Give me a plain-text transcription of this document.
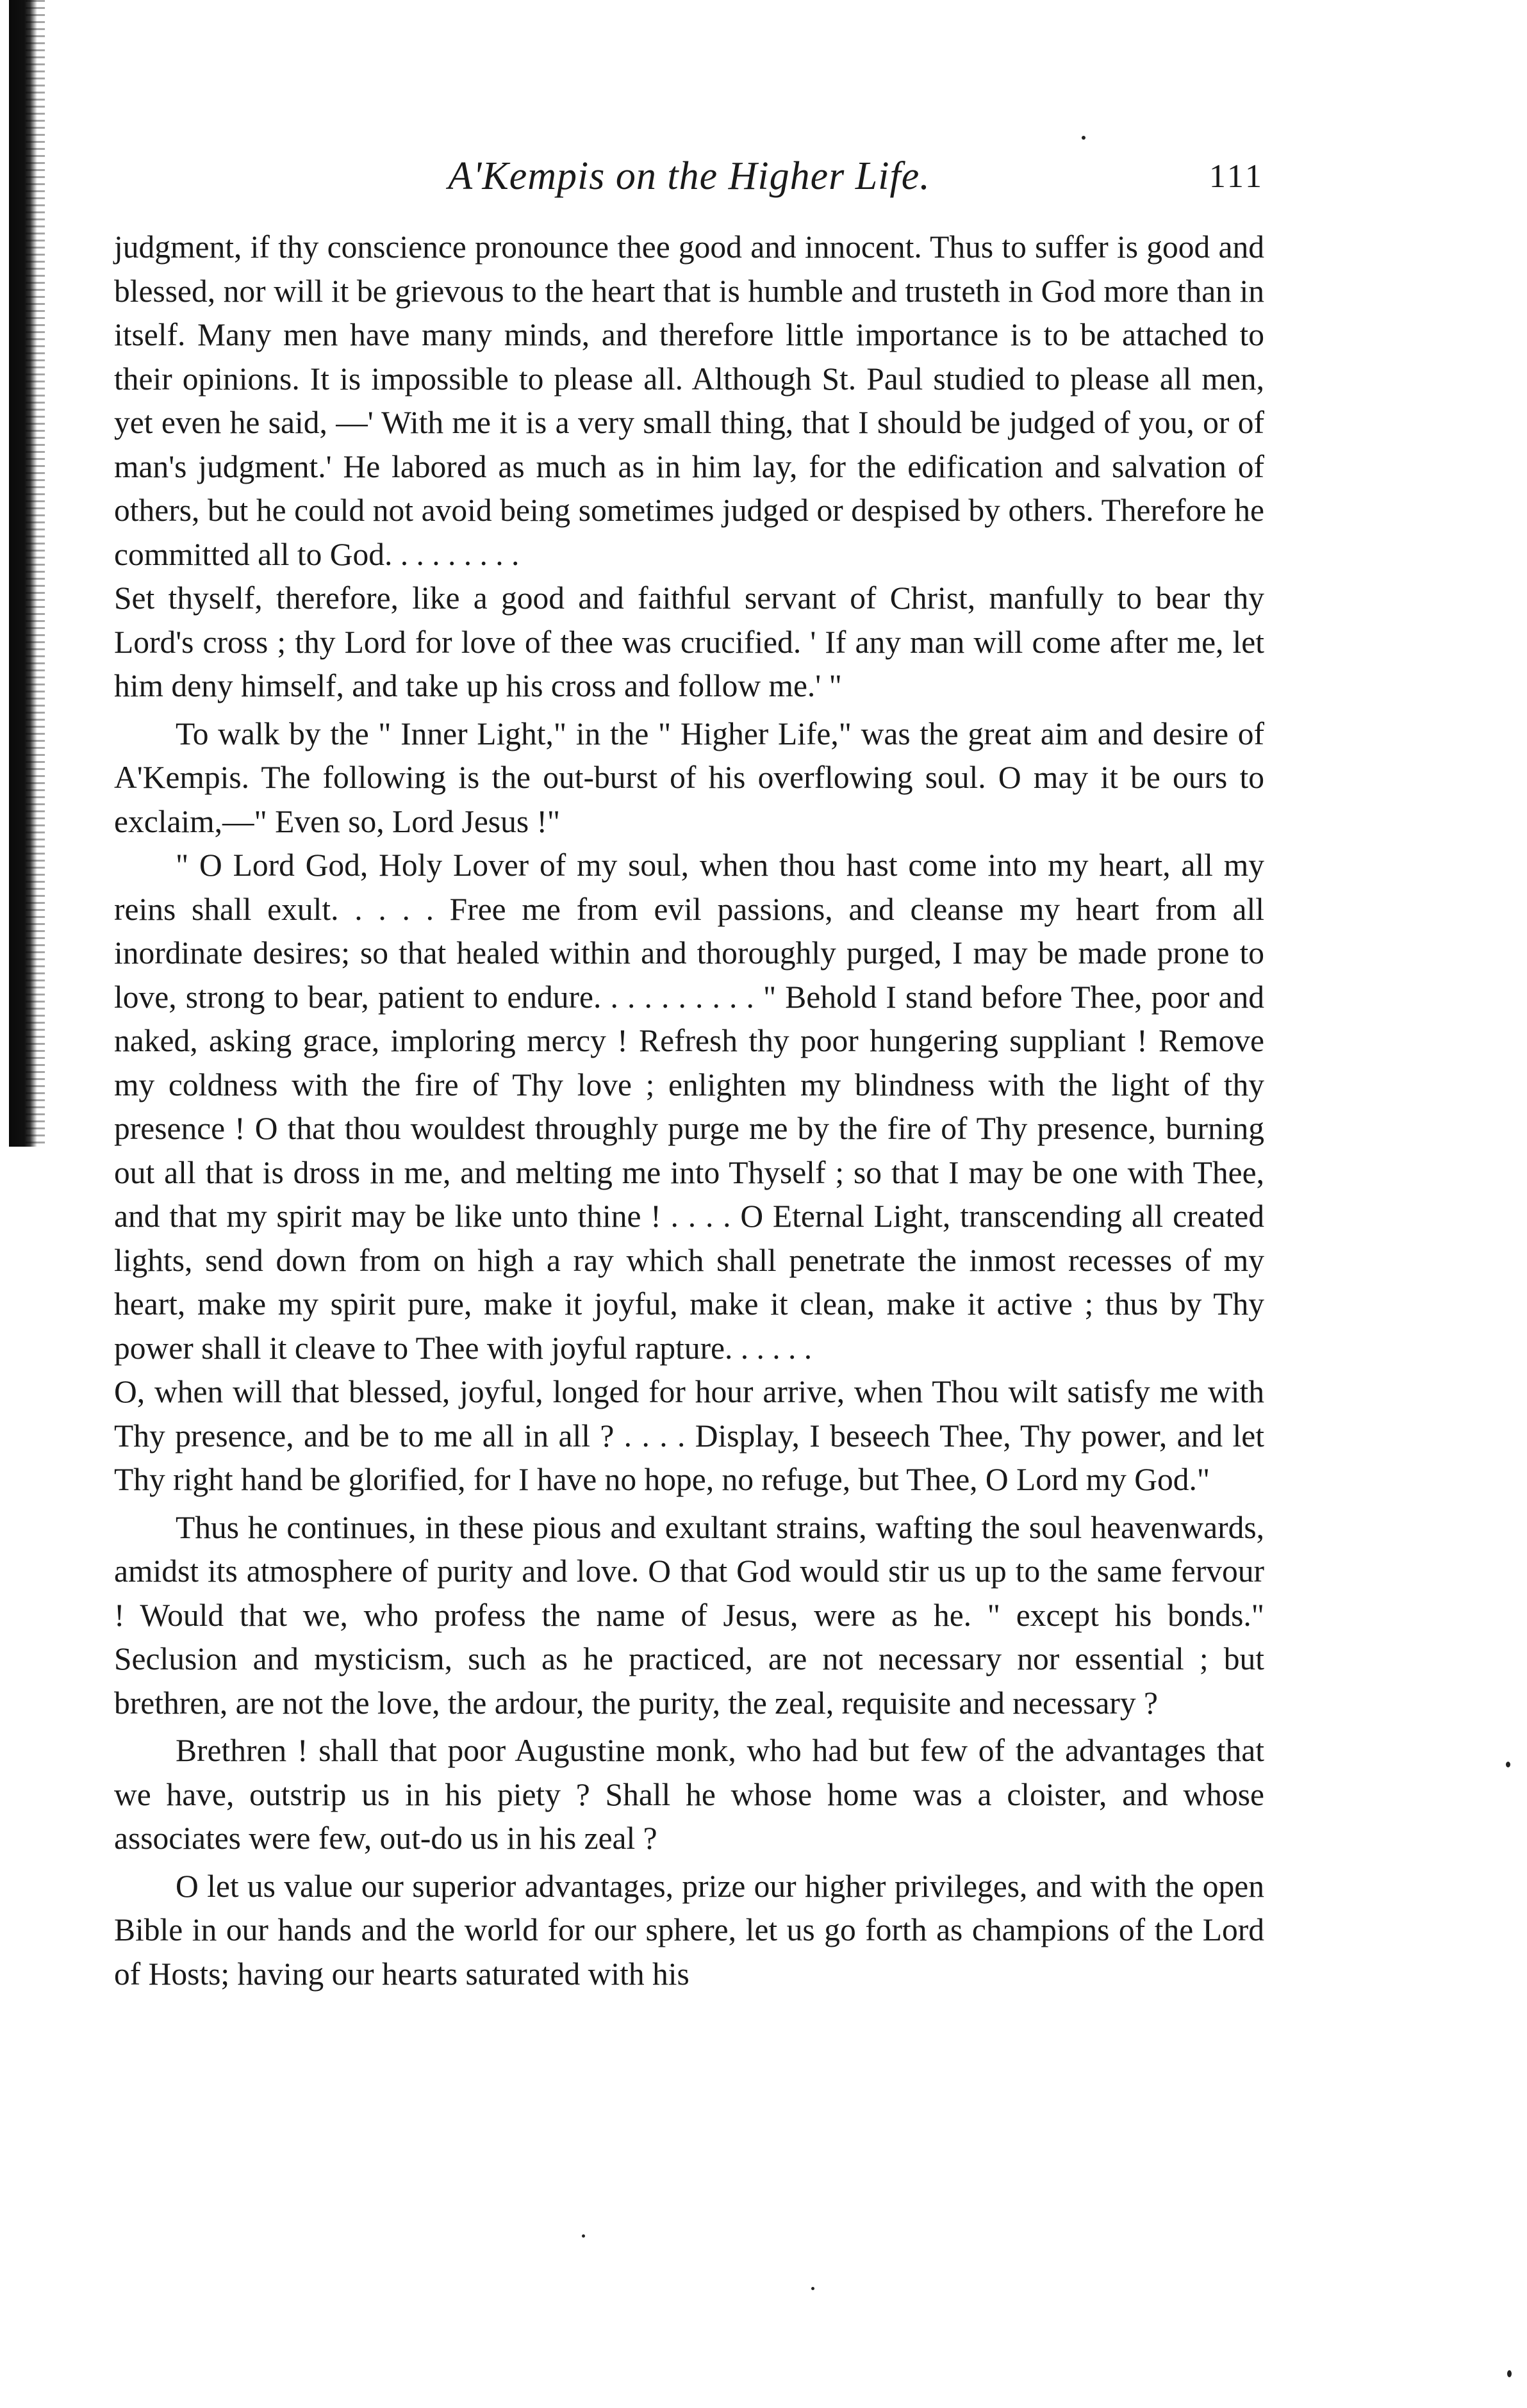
A'Kempis on the Higher Life.	111

judgment, if thy conscience pronounce thee good and innocent. Thus to suffer is good and blessed, nor will it be grievous to the heart that is humble and trusteth in God more than in itself. Many men have many minds, and therefore little importance is to be attached to their opinions. It is impossible to please all. Although St. Paul studied to please all men, yet even he said, —' With me it is a very small thing, that I should be judged of you, or of man's judgment.' He labored as much as in him lay, for the edification and salvation of others, but he could not avoid being sometimes judged or despised by others. Therefore he committed all to God. . . . . . . . .

Set thyself, therefore, like a good and faithful servant of Christ, manfully to bear thy Lord's cross ; thy Lord for love of thee was crucified. ' If any man will come after me, let him deny himself, and take up his cross and follow me.' "

To walk by the " Inner Light," in the " Higher Life," was the great aim and desire of A'Kempis. The following is the out-burst of his overflowing soul. O may it be ours to exclaim,—" Even so, Lord Jesus !"

" O Lord God, Holy Lover of my soul, when thou hast come into my heart, all my reins shall exult. . . . . Free me from evil passions, and cleanse my heart from all inordinate desires; so that healed within and thoroughly purged, I may be made prone to love, strong to bear, patient to endure. . . . . . . . . . " Behold I stand before Thee, poor and naked, asking grace, imploring mercy ! Refresh thy poor hungering suppliant ! Remove my coldness with the fire of Thy love ; enlighten my blindness with the light of thy presence ! O that thou wouldest throughly purge me by the fire of Thy presence, burning out all that is dross in me, and melting me into Thyself ; so that I may be one with Thee, and that my spirit may be like unto thine ! . . . . O Eternal Light, transcending all created lights, send down from on high a ray which shall penetrate the inmost recesses of my heart, make my spirit pure, make it joyful, make it clean, make it active ; thus by Thy power shall it cleave to Thee with joyful rapture. . . . . .

O, when will that blessed, joyful, longed for hour arrive, when Thou wilt satisfy me with Thy presence, and be to me all in all ? . . . . Display, I beseech Thee, Thy power, and let Thy right hand be glorified, for I have no hope, no refuge, but Thee, O Lord my God."

Thus he continues, in these pious and exultant strains, wafting the soul heavenwards, amidst its atmosphere of purity and love. O that God would stir us up to the same fervour ! Would that we, who profess the name of Jesus, were as he. " except his bonds." Seclusion and mysticism, such as he practiced, are not necessary nor essential ; but brethren, are not the love, the ardour, the purity, the zeal, requisite and necessary ?

Brethren ! shall that poor Augustine monk, who had but few of the advantages that we have, outstrip us in his piety ? Shall he whose home was a cloister, and whose associates were few, out-do us in his zeal ?

O let us value our superior advantages, prize our higher privileges, and with the open Bible in our hands and the world for our sphere, let us go forth as champions of the Lord of Hosts; having our hearts saturated with his
